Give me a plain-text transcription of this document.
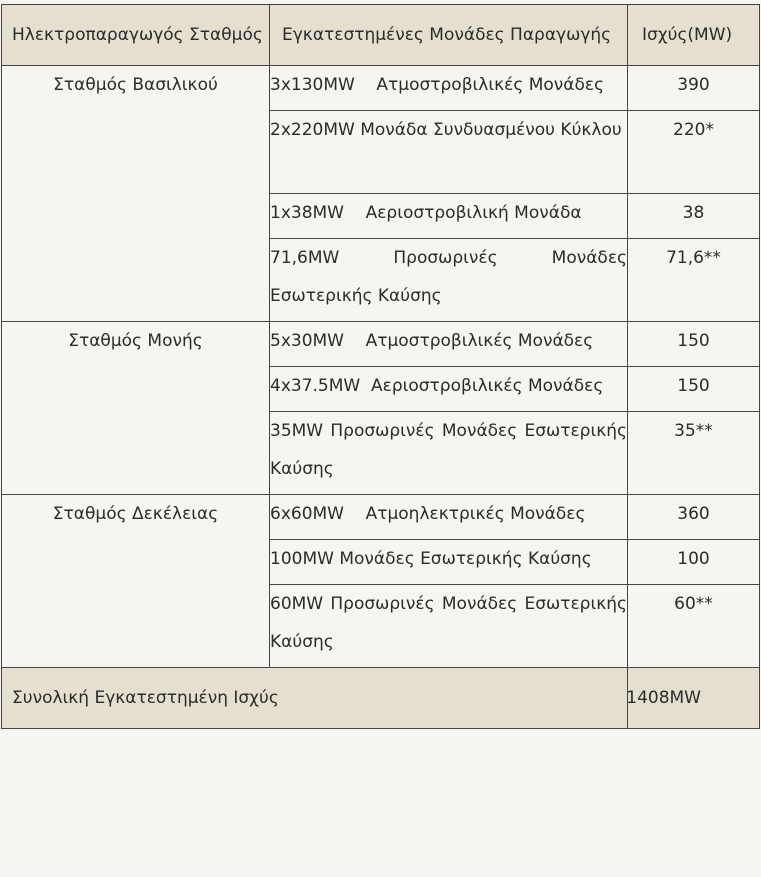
Ηλεκτροπαραγωγός Σταθμός	Εγκατεστημένες Μονάδες Παραγωγής	Ισχύς(MW)
Σταθμός Βασιλικού	3x130MW    Ατμοστροβιλικές Μονάδες	390

	2x220MW Μονάδα Συνδυασμένου Κύκλου	220*
	1x38MW    Αεριοστροβιλική Μονάδα	38

	71,6MW Προσωρινές Μονάδες Εσωτερικής Καύσης	71,6**
Σταθμός Μονής	5x30MW    Ατμοστροβιλικές Μονάδες	150
	4x37.5MW  Αεριοστροβιλικές Μονάδες	150

	35MW Προσωρινές Μονάδες Εσωτερικής Καύσης	35**
Σταθμός Δεκέλειας	6x60MW    Ατμοηλεκτρικές Μονάδες	360
	100MW Μονάδες Εσωτερικής Καύσης	100

	60MW Προσωρινές Μονάδες Εσωτερικής Καύσης	60**
Συνολική Εγκατεστημένη Ισχύς		1408MW
